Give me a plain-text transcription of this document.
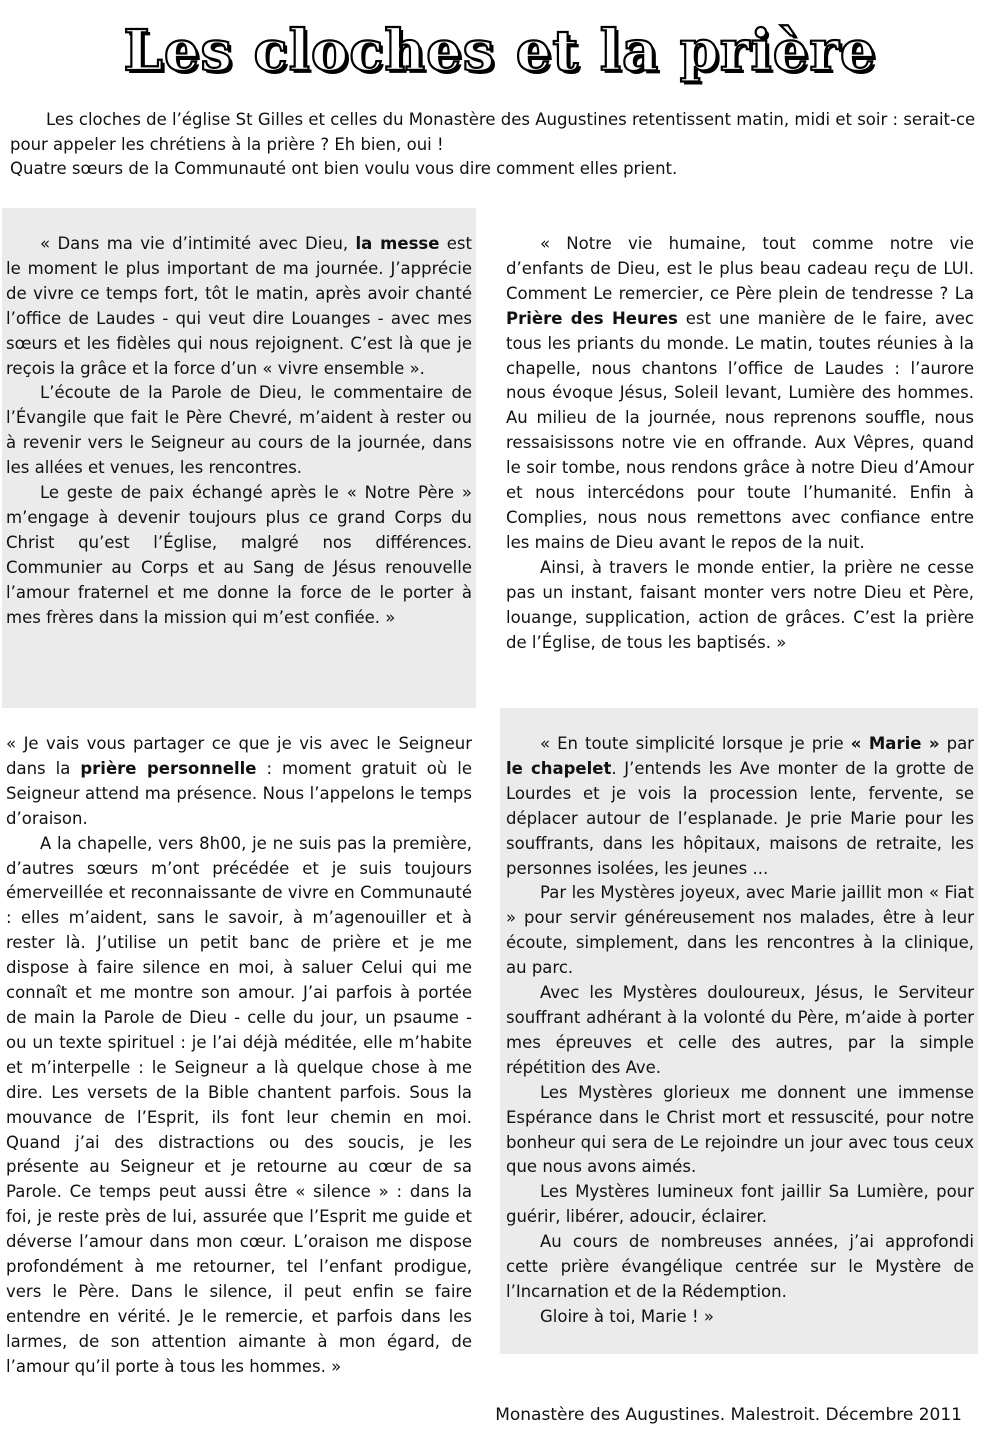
Les cloches et la prière

Les cloches de l’église St Gilles et celles du Monastère des Augustines retentissent matin, midi et soir : serait-ce pour appeler les chrétiens à la prière ? Eh bien, oui !

Quatre sœurs de la Communauté ont bien voulu vous dire comment elles prient.

« Dans ma vie d’intimité avec Dieu, la messe est le moment le plus important de ma journée. J’apprécie de vivre ce temps fort, tôt le matin, après avoir chanté l’office de Laudes - qui veut dire Louanges - avec mes sœurs et les fidèles qui nous rejoignent. C’est là que je reçois la grâce et la force d’un « vivre ensemble ».

L’écoute de la Parole de Dieu, le commentaire de l’Évangile que fait le Père Chevré, m’aident à rester ou à revenir vers le Seigneur au cours de la journée, dans les allées et venues, les rencontres.

Le geste de paix échangé après le « Notre Père » m’engage à devenir toujours plus ce grand Corps du Christ qu’est l’Église, malgré nos différences. Communier au Corps et au Sang de Jésus renouvelle l’amour fraternel et me donne la force de le porter à mes frères dans la mission qui m’est confiée. »

« Notre vie humaine, tout comme notre vie d’enfants de Dieu, est le plus beau cadeau reçu de LUI. Comment Le remercier, ce Père plein de tendresse ? La Prière des Heures est une manière de le faire, avec tous les priants du monde. Le matin, toutes réunies à la chapelle, nous chantons l’office de Laudes : l’aurore nous évoque Jésus, Soleil levant, Lumière des hommes. Au milieu de la journée, nous reprenons souffle, nous ressaisissons notre vie en offrande. Aux Vêpres, quand le soir tombe, nous rendons grâce à notre Dieu d’Amour et nous intercédons pour toute l’humanité. Enfin à Complies, nous nous remettons avec confiance entre les mains de Dieu avant le repos de la nuit.

Ainsi, à travers le monde entier, la prière ne cesse pas un instant, faisant monter vers notre Dieu et Père, louange, supplication, action de grâces. C’est la prière de l’Église, de tous les baptisés. »

« Je vais vous partager ce que je vis avec le Seigneur dans la prière personnelle : moment gratuit où le Seigneur attend ma présence. Nous l’appelons le temps d’oraison.

A la chapelle, vers 8h00, je ne suis pas la première, d’autres sœurs m’ont précédée et je suis toujours émerveillée et reconnaissante de vivre en Communauté : elles m’aident, sans le savoir, à m’agenouiller et à rester là. J’utilise un petit banc de prière et je me dispose à faire silence en moi, à saluer Celui qui me connaît et me montre son amour. J’ai parfois à portée de main la Parole de Dieu - celle du jour, un psaume - ou un texte spirituel : je l’ai déjà méditée, elle m’habite et m’interpelle : le Seigneur a là quelque chose à me dire. Les versets de la Bible chantent parfois. Sous la mouvance de l’Esprit, ils font leur chemin en moi. Quand j’ai des distractions ou des soucis, je les présente au Seigneur et je retourne au cœur de sa Parole. Ce temps peut aussi être « silence » : dans la foi, je reste près de lui, assurée que l’Esprit me guide et déverse l’amour dans mon cœur. L’oraison me dispose profondément à me retourner, tel l’enfant prodigue, vers le Père. Dans le silence, il peut enfin se faire entendre en vérité. Je le remercie, et parfois dans les larmes, de son attention aimante à mon égard, de l’amour qu’il porte à tous les hommes. »

« En toute simplicité lorsque je prie « Marie » par le chapelet. J’entends les Ave monter de la grotte de Lourdes et je vois la procession lente, fervente, se déplacer autour de l’esplanade. Je prie Marie pour les souffrants, dans les hôpitaux, maisons de retraite, les personnes isolées, les jeunes ...

Par les Mystères joyeux, avec Marie jaillit mon « Fiat » pour servir généreusement nos malades, être à leur écoute, simplement, dans les rencontres à la clinique, au parc.

Avec les Mystères douloureux, Jésus, le Serviteur souffrant adhérant à la volonté du Père, m’aide à porter mes épreuves et celle des autres, par la simple répétition des Ave.

Les Mystères glorieux me donnent une immense Espérance dans le Christ mort et ressuscité, pour notre bonheur qui sera de Le rejoindre un jour avec tous ceux que nous avons aimés.

Les Mystères lumineux font jaillir Sa Lumière, pour guérir, libérer, adoucir, éclairer.

Au cours de nombreuses années, j’ai approfondi cette prière évangélique centrée sur le Mystère de l’Incarnation et de la Rédemption.

Gloire à toi, Marie ! »

Monastère des Augustines. Malestroit. Décembre 2011
